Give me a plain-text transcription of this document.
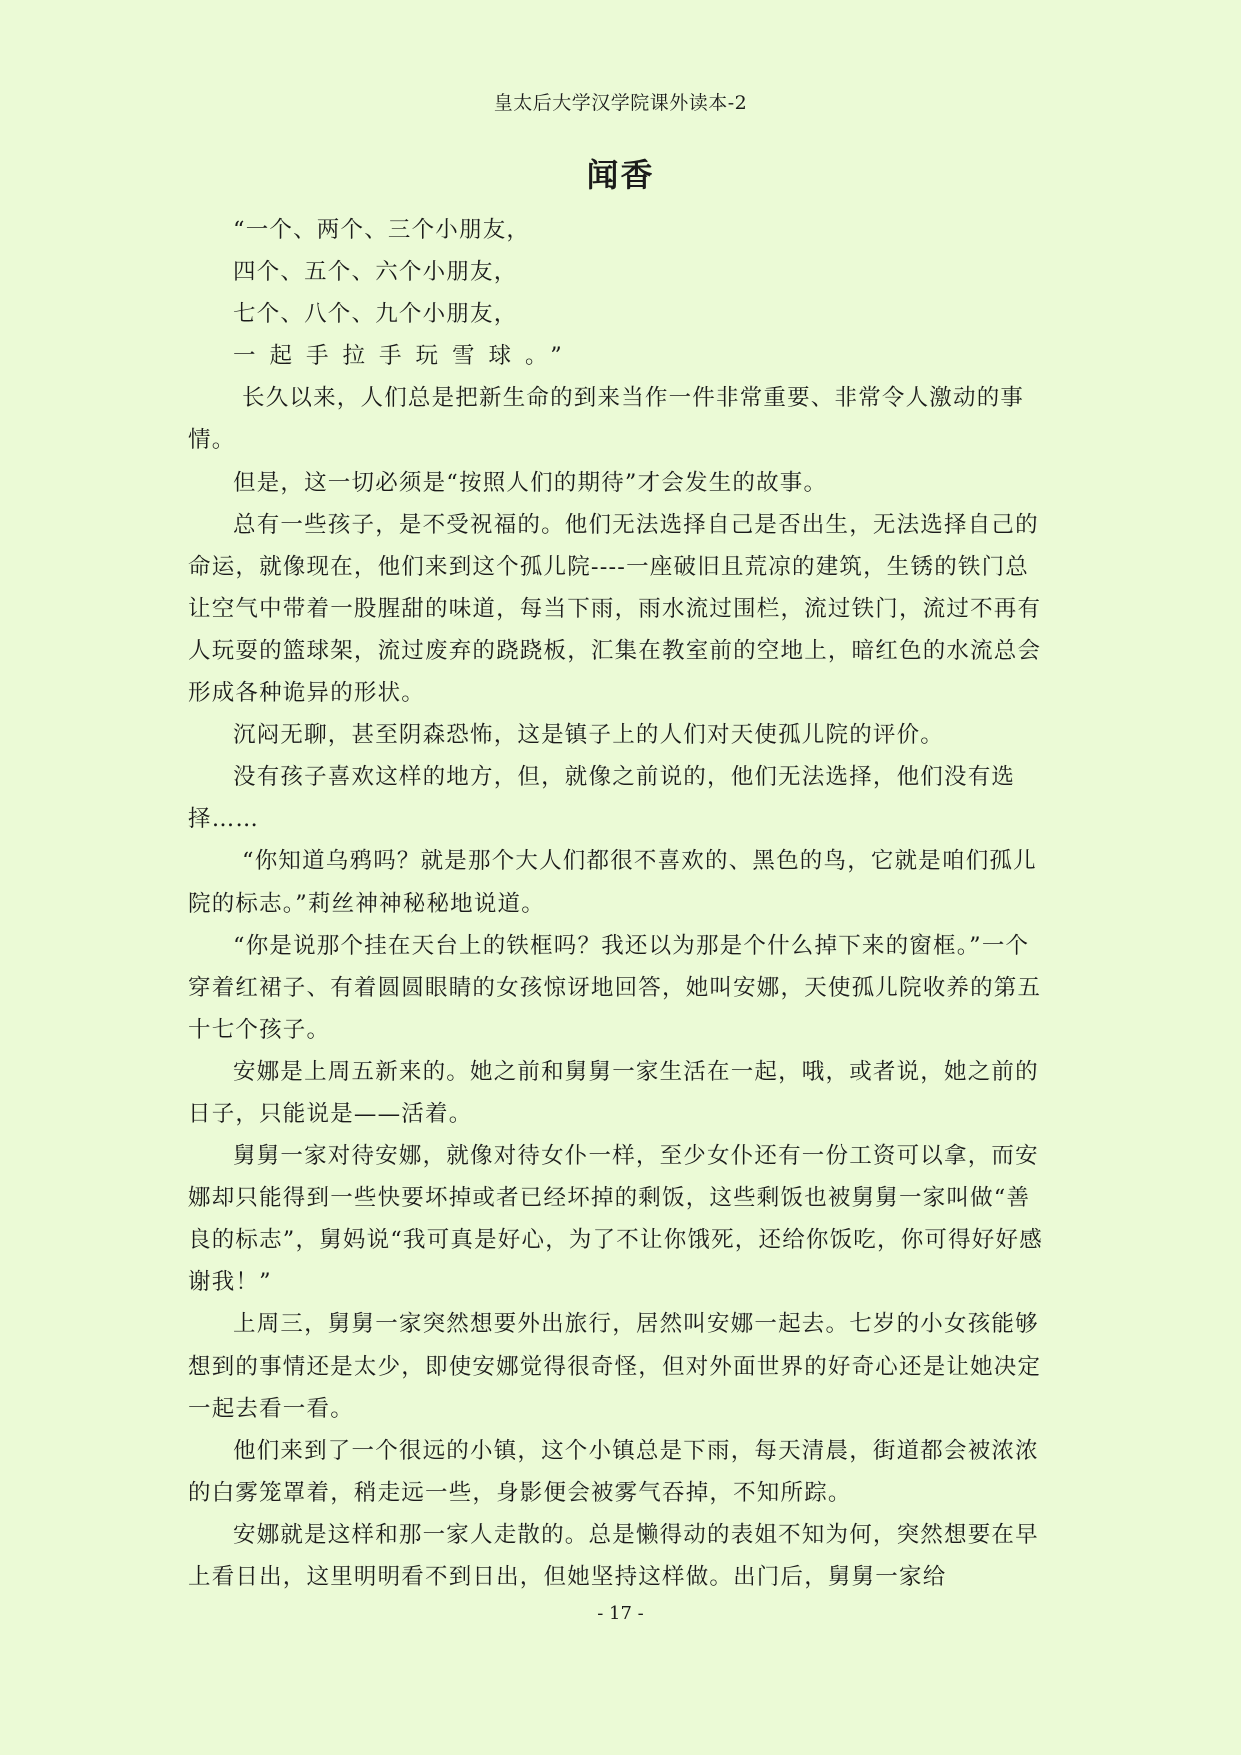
皇太后大学汉学院课外读本-2
闻香

“一个、两个、三个小朋友，

四个、五个、六个小朋友，

七个、八个、九个小朋友，

一起手拉手玩雪球。”

长久以来，人们总是把新生命的到来当作一件非常重要、非常令人激动的事情。

但是，这一切必须是“按照人们的期待”才会发生的故事。

总有一些孩子，是不受祝福的。他们无法选择自己是否出生，无法选择自己的命运，就像现在，他们来到这个孤儿院----一座破旧且荒凉的建筑，生锈的铁门总让空气中带着一股腥甜的味道，每当下雨，雨水流过围栏，流过铁门，流过不再有人玩耍的篮球架，流过废弃的跷跷板，汇集在教室前的空地上，暗红色的水流总会形成各种诡异的形状。

沉闷无聊，甚至阴森恐怖，这是镇子上的人们对天使孤儿院的评价。

没有孩子喜欢这样的地方，但，就像之前说的，他们无法选择，他们没有选择……

“你知道乌鸦吗？就是那个大人们都很不喜欢的、黑色的鸟，它就是咱们孤儿院的标志。”莉丝神神秘秘地说道。

“你是说那个挂在天台上的铁框吗？我还以为那是个什么掉下来的窗框。”一个穿着红裙子、有着圆圆眼睛的女孩惊讶地回答，她叫安娜，天使孤儿院收养的第五十七个孩子。

安娜是上周五新来的。她之前和舅舅一家生活在一起，哦，或者说，她之前的日子，只能说是——活着。

舅舅一家对待安娜，就像对待女仆一样，至少女仆还有一份工资可以拿，而安娜却只能得到一些快要坏掉或者已经坏掉的剩饭，这些剩饭也被舅舅一家叫做“善良的标志”，舅妈说“我可真是好心，为了不让你饿死，还给你饭吃，你可得好好感谢我！”

上周三，舅舅一家突然想要外出旅行，居然叫安娜一起去。七岁的小女孩能够想到的事情还是太少，即使安娜觉得很奇怪，但对外面世界的好奇心还是让她决定一起去看一看。

他们来到了一个很远的小镇，这个小镇总是下雨，每天清晨，街道都会被浓浓的白雾笼罩着，稍走远一些，身影便会被雾气吞掉，不知所踪。

安娜就是这样和那一家人走散的。总是懒得动的表姐不知为何，突然想要在早上看日出，这里明明看不到日出，但她坚持这样做。出门后，舅舅一家给

- 17 -
